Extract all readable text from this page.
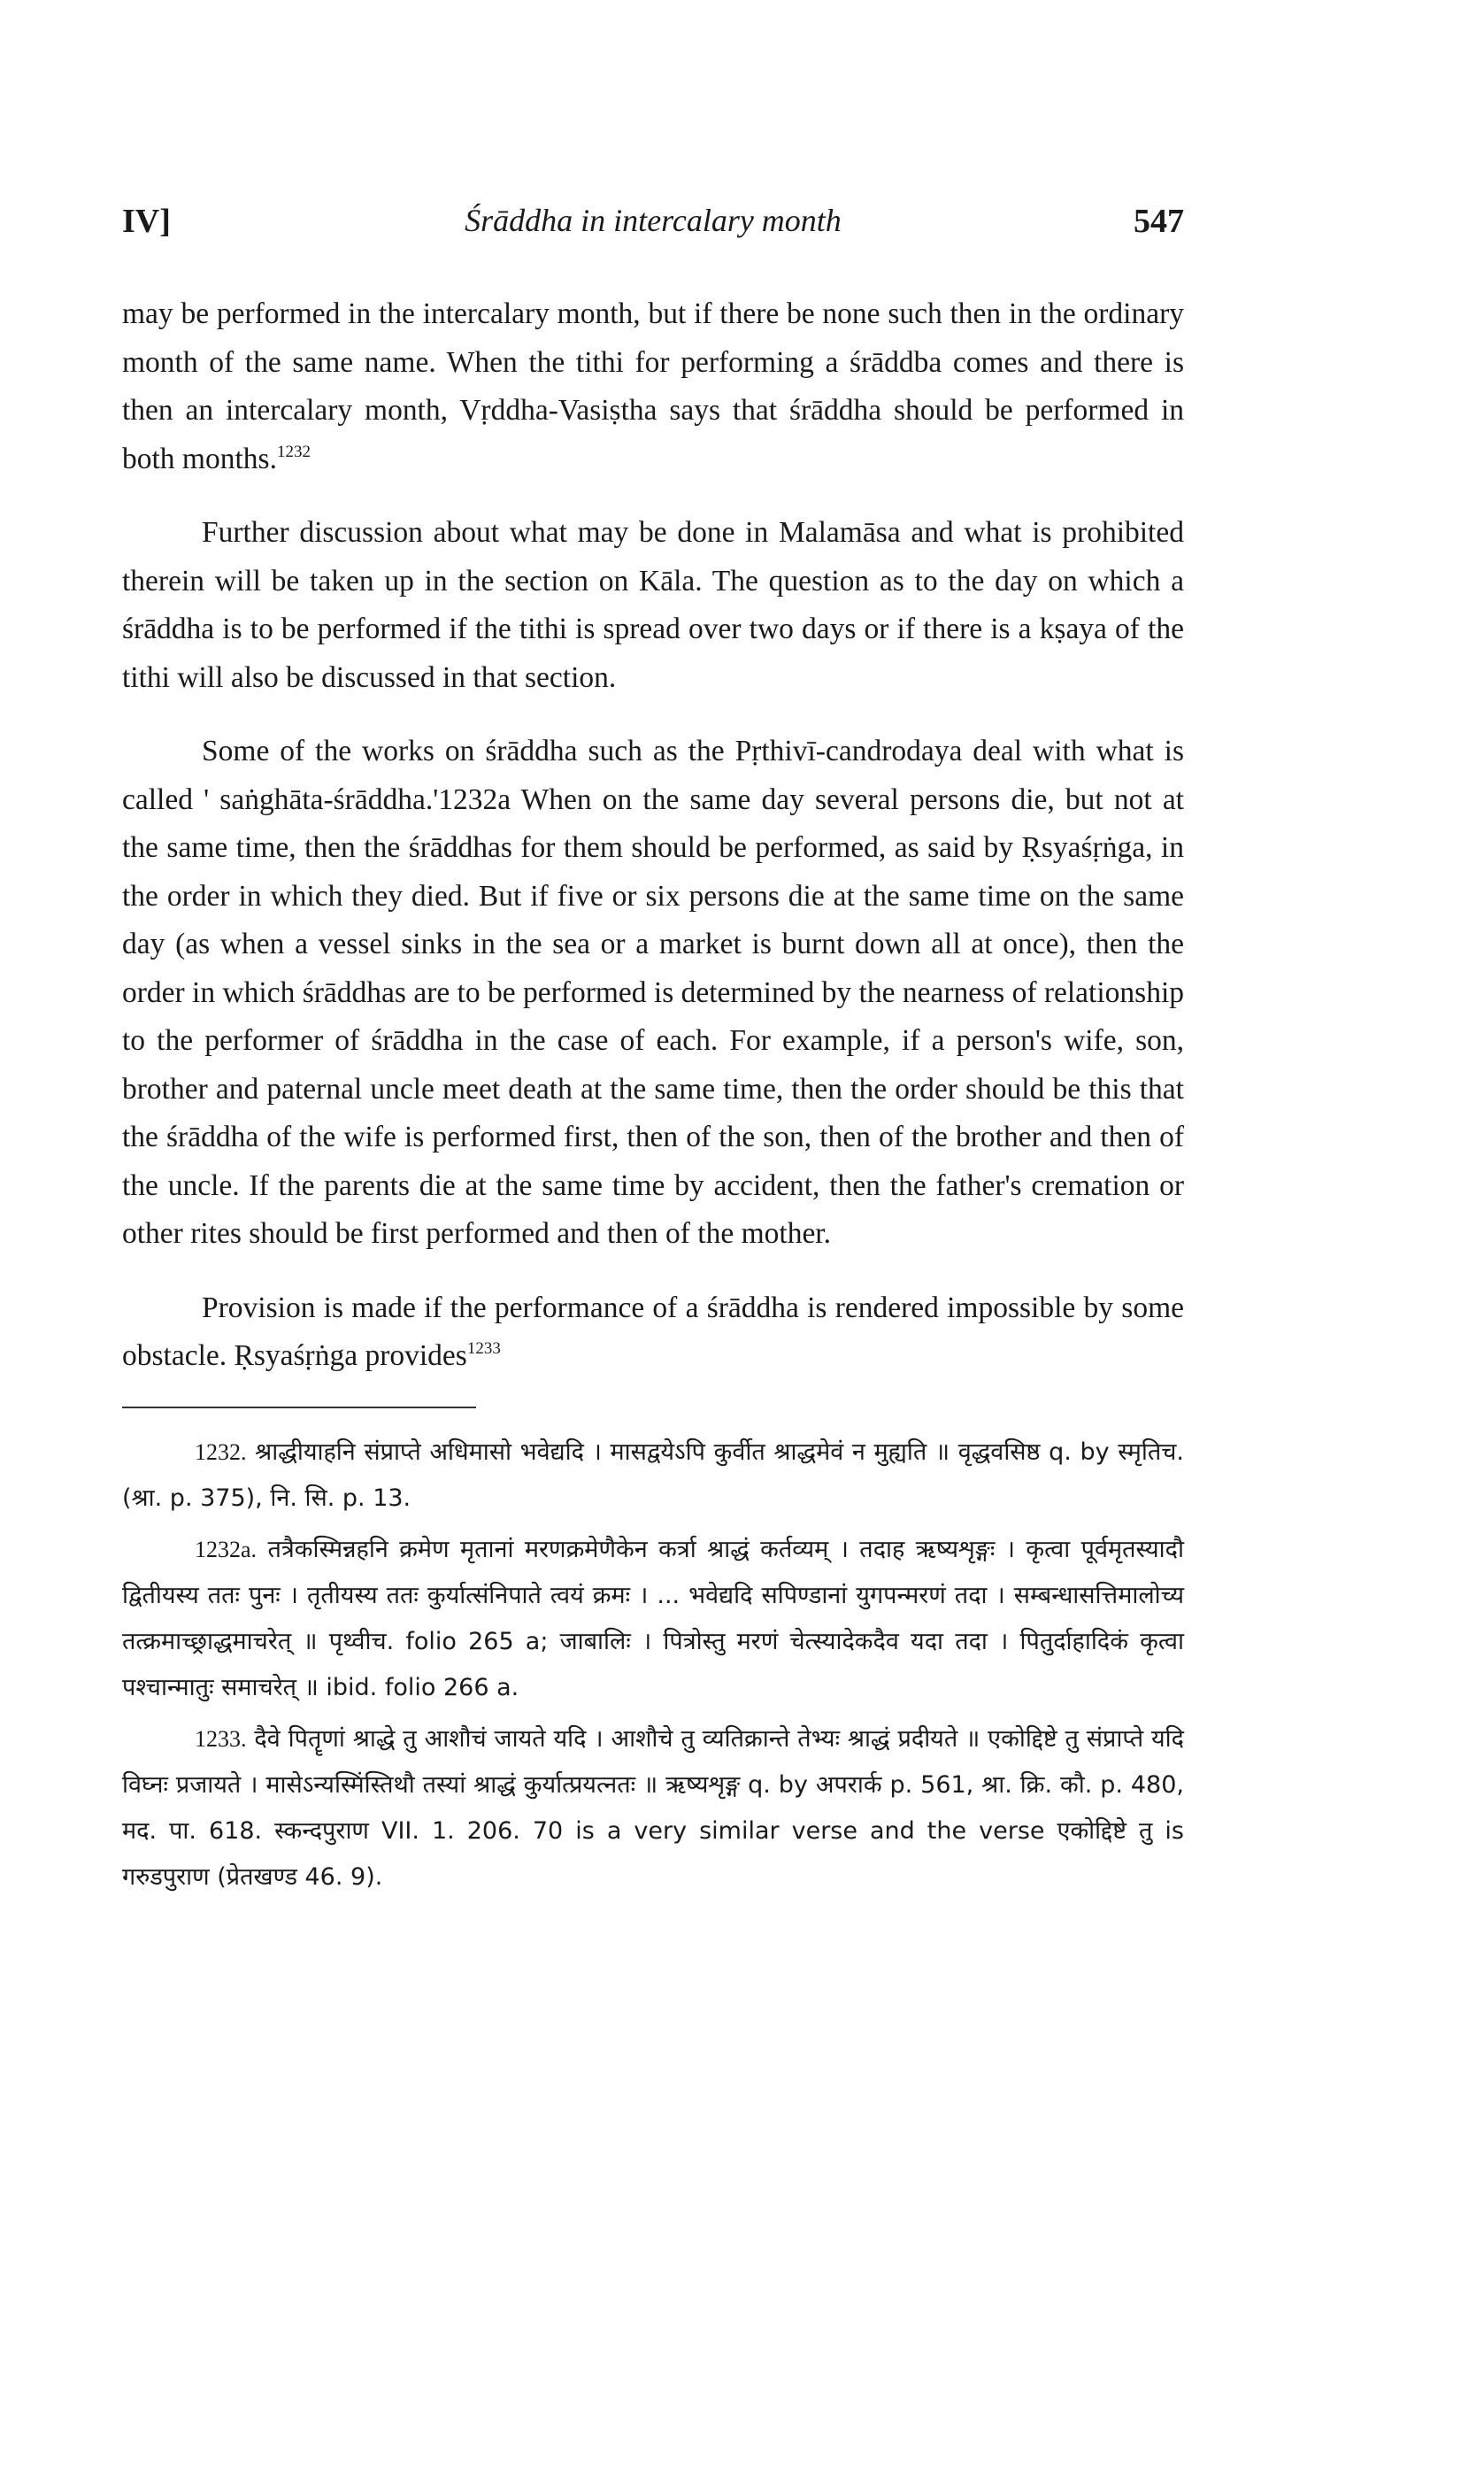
IV]	Śrāddha in intercalary month	547

may be performed in the intercalary month, but if there be none such then in the ordinary month of the same name. When the tithi for performing a śrāddba comes and there is then an intercalary month, Vṛddha-Vasiṣtha says that śrāddha should be performed in both months.$^{1232}$

Further discussion about what may be done in Malamāsa and what is prohibited therein will be taken up in the section on Kāla. The question as to the day on which a śrāddha is to be performed if the tithi is spread over two days or if there is a kṣaya of the tithi will also be discussed in that section.

Some of the works on śrāddha such as the Pṛthivī-candrodaya deal with what is called ' saṅghāta-śrāddha.'1232a When on the same day several persons die, but not at the same time, then the śrāddhas for them should be performed, as said by Ṛsyaśṛṅga, in the order in which they died. But if five or six persons die at the same time on the same day (as when a vessel sinks in the sea or a market is burnt down all at once), then the order in which śrāddhas are to be performed is determined by the nearness of relationship to the performer of śrāddha in the case of each. For example, if a person's wife, son, brother and paternal uncle meet death at the same time, then the order should be this that the śrāddha of the wife is performed first, then of the son, then of the brother and then of the uncle. If the parents die at the same time by accident, then the father's cremation or other rites should be first performed and then of the mother.

Provision is made if the performance of a śrāddha is rendered impossible by some obstacle. Ṛsyaśṛṅga provides$^{1233}$

1232. श्राद्धीयाहनि संप्राप्ते अधिमासो भवेद्यदि । मासद्वयेऽपि कुर्वीत श्राद्धमेवं न मुह्यति ॥ वृद्धवसिष्ठ q. by स्मृतिच. (श्रा. p. 375), नि. सि. p. 13.

1232a. तत्रैकस्मिन्नहनि क्रमेण मृतानां मरणक्रमेणैकेन कर्त्रा श्राद्धं कर्तव्यम् । तदाह ऋष्यशृङ्गः । कृत्वा पूर्वमृतस्यादौ द्वितीयस्य ततः पुनः । तृतीयस्य ततः कुर्यात्संनिपाते त्वयं क्रमः । ... भवेद्यदि सपिण्डानां युगपन्मरणं तदा । सम्बन्धासत्तिमालोच्य तत्क्रमाच्छ्राद्धमाचरेत् ॥ पृथ्वीच. folio 265 a; जाबालिः । पित्रोस्तु मरणं चेत्स्यादेकदैव यदा तदा । पितुर्दाहादिकं कृत्वा पश्चान्मातुः समाचरेत् ॥ ibid. folio 266 a.

1233. दैवे पितॄणां श्राद्धे तु आशौचं जायते यदि । आशौचे तु व्यतिक्रान्ते तेभ्यः श्राद्धं प्रदीयते ॥ एकोद्दिष्टे तु संप्राप्ते यदि विघ्नः प्रजायते । मासेऽन्यस्मिंस्तिथौ तस्यां श्राद्धं कुर्यात्प्रयत्नतः ॥ ऋष्यशृङ्ग q. by अपरार्क p. 561, श्रा. क्रि. कौ. p. 480, मद. पा. 618. स्कन्दपुराण VII. 1. 206. 70 is a very similar verse and the verse एकोद्दिष्टे तु is गरुडपुराण (प्रेतखण्ड 46. 9).
